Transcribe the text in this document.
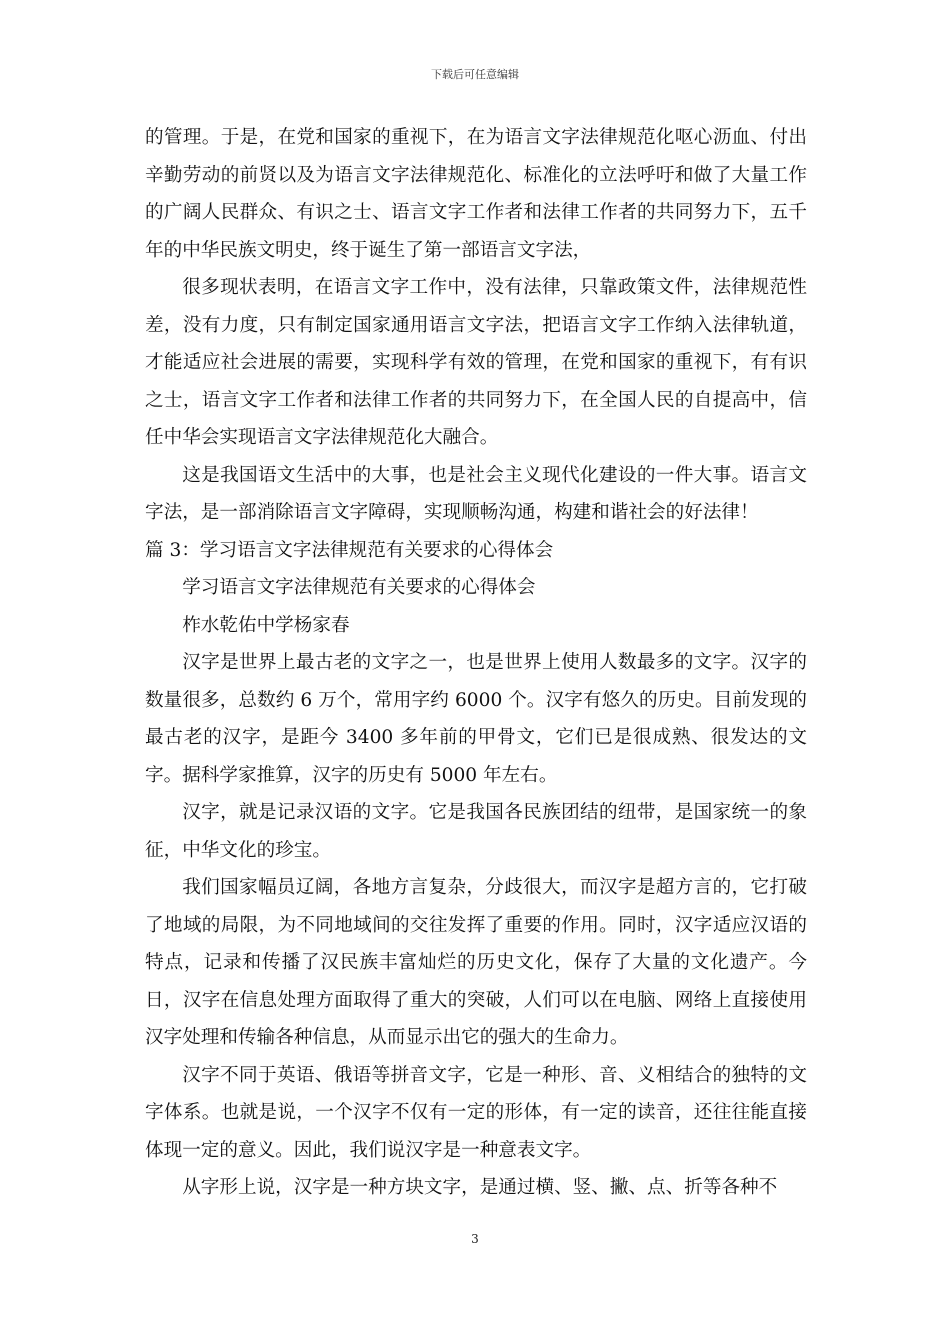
下载后可任意编辑

的管理。于是，在党和国家的重视下，在为语言文字法律规范化呕心沥血、付出辛勤劳动的前贤以及为语言文字法律规范化、标准化的立法呼吁和做了大量工作的广阔人民群众、有识之士、语言文字工作者和法律工作者的共同努力下，五千年的中华民族文明史，终于诞生了第一部语言文字法，

很多现状表明，在语言文字工作中，没有法律，只靠政策文件，法律规范性差，没有力度，只有制定国家通用语言文字法，把语言文字工作纳入法律轨道，才能适应社会进展的需要，实现科学有效的管理，在党和国家的重视下，有有识之士，语言文字工作者和法律工作者的共同努力下，在全国人民的自提高中，信任中华会实现语言文字法律规范化大融合。

这是我国语文生活中的大事，也是社会主义现代化建设的一件大事。语言文字法，是一部消除语言文字障碍，实现顺畅沟通，构建和谐社会的好法律！

篇 3：学习语言文字法律规范有关要求的心得体会

学习语言文字法律规范有关要求的心得体会

柞水乾佑中学杨家春

汉字是世界上最古老的文字之一，也是世界上使用人数最多的文字。汉字的数量很多，总数约 6 万个，常用字约 6000 个。汉字有悠久的历史。目前发现的最古老的汉字，是距今 3400 多年前的甲骨文，它们已是很成熟、很发达的文字。据科学家推算，汉字的历史有 5000 年左右。

汉字，就是记录汉语的文字。它是我国各民族团结的纽带，是国家统一的象征，中华文化的珍宝。

我们国家幅员辽阔，各地方言复杂，分歧很大，而汉字是超方言的，它打破了地域的局限，为不同地域间的交往发挥了重要的作用。同时，汉字适应汉语的特点，记录和传播了汉民族丰富灿烂的历史文化，保存了大量的文化遗产。今日，汉字在信息处理方面取得了重大的突破，人们可以在电脑、网络上直接使用汉字处理和传输各种信息，从而显示出它的强大的生命力。

汉字不同于英语、俄语等拼音文字，它是一种形、音、义相结合的独特的文字体系。也就是说，一个汉字不仅有一定的形体，有一定的读音，还往往能直接体现一定的意义。因此，我们说汉字是一种意表文字。

从字形上说，汉字是一种方块文字，是通过横、竖、撇、点、折等各种不

3
